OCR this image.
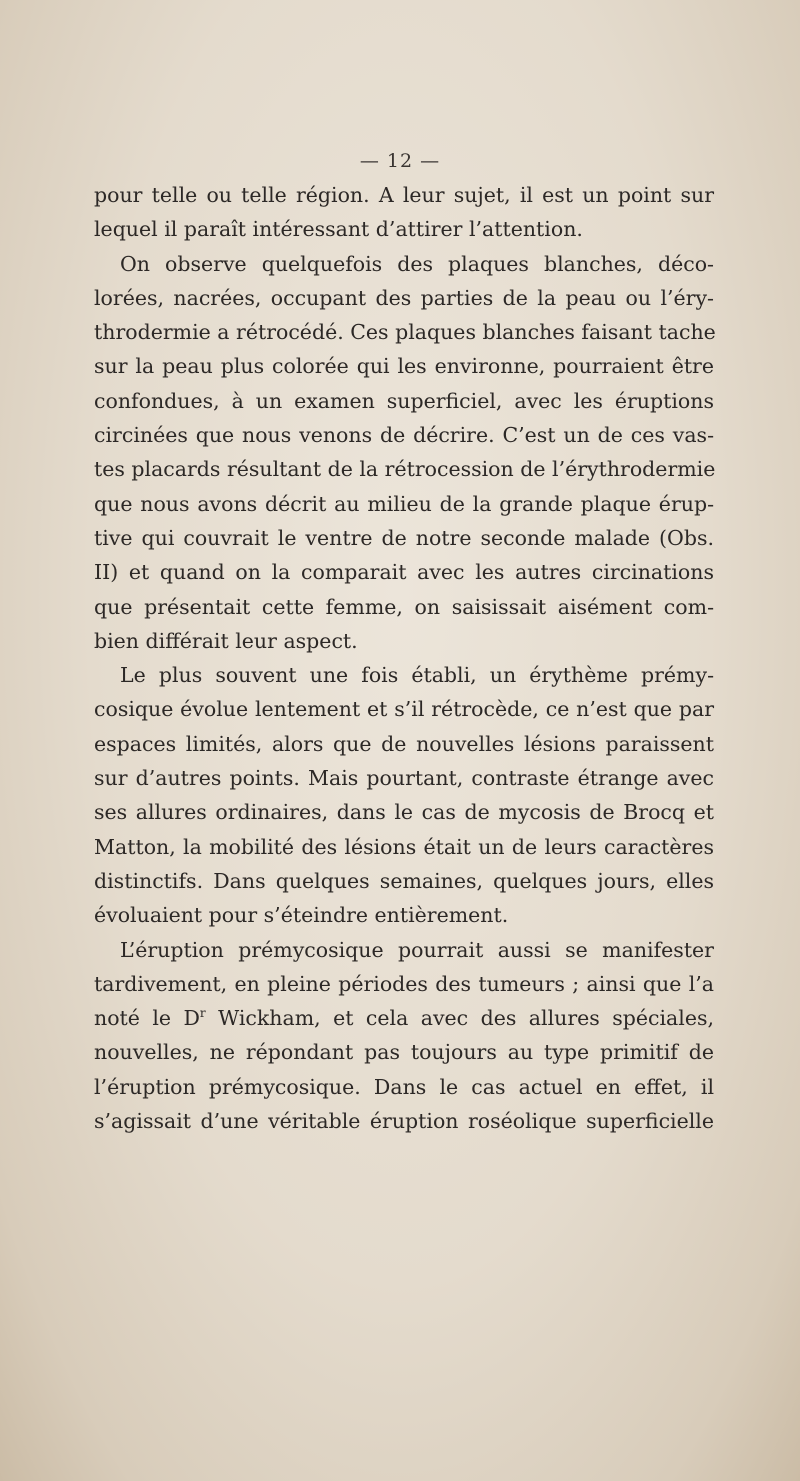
— 12 —
pour telle ou telle région. A leur sujet, il est un point sur
lequel il paraît intéressant d’attirer l’attention.
On observe quelquefois des plaques blanches, déco-
lorées, nacrées, occupant des parties de la peau ou l’éry-
throdermie a rétrocédé. Ces plaques blanches faisant tache
sur la peau plus colorée qui les environne, pourraient être
confondues, à un examen superficiel, avec les éruptions
circinées que nous venons de décrire. C’est un de ces vas-
tes placards résultant de la rétrocession de l’érythrodermie
que nous avons décrit au milieu de la grande plaque érup-
tive qui couvrait le ventre de notre seconde malade (Obs.
II) et quand on la comparait avec les autres circinations
que présentait cette femme, on saisissait aisément com-
bien différait leur aspect.
Le plus souvent une fois établi, un érythème prémy-
cosique évolue lentement et s’il rétrocède, ce n’est que par
espaces limités, alors que de nouvelles lésions paraissent
sur d’autres points. Mais pourtant, contraste étrange avec
ses allures ordinaires, dans le cas de mycosis de Brocq et
Matton, la mobilité des lésions était un de leurs caractères
distinctifs. Dans quelques semaines, quelques jours, elles
évoluaient pour s’éteindre entièrement.
L’éruption prémycosique pourrait aussi se manifester
tardivement, en pleine périodes des tumeurs ; ainsi que l’a
noté le $D^r$ Wickham, et cela avec des allures spéciales,
nouvelles, ne répondant pas toujours au type primitif de
l’éruption prémycosique. Dans le cas actuel en effet, il
s’agissait d’une véritable éruption roséolique superficielle
